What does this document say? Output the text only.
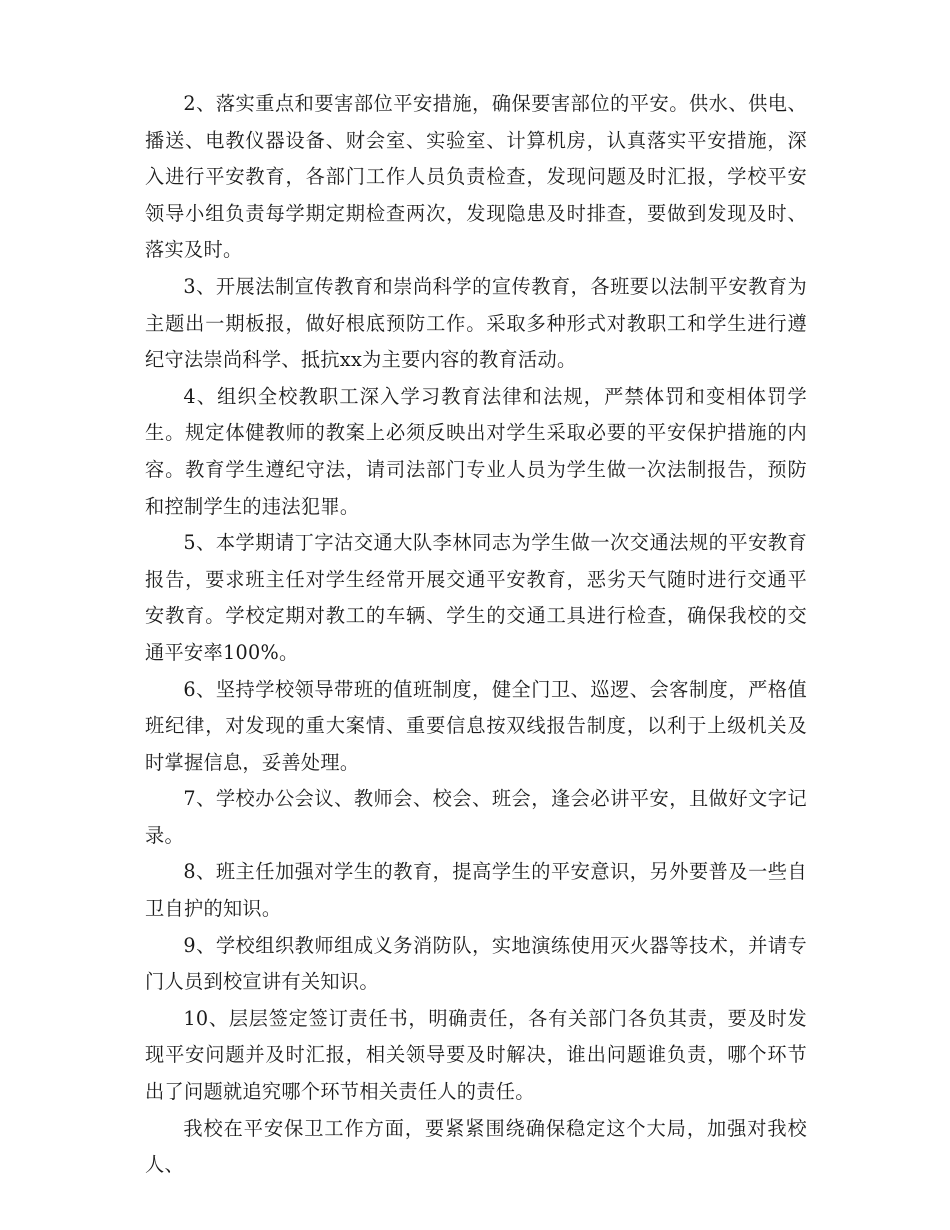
2、落实重点和要害部位平安措施，确保要害部位的平安。供水、供电、播送、电教仪器设备、财会室、实验室、计算机房，认真落实平安措施，深入进行平安教育，各部门工作人员负责检查，发现问题及时汇报，学校平安领导小组负责每学期定期检查两次，发现隐患及时排查，要做到发现及时、落实及时。

3、开展法制宣传教育和崇尚科学的宣传教育，各班要以法制平安教育为主题出一期板报，做好根底预防工作。采取多种形式对教职工和学生进行遵纪守法崇尚科学、抵抗xx为主要内容的教育活动。

4、组织全校教职工深入学习教育法律和法规，严禁体罚和变相体罚学生。规定体健教师的教案上必须反映出对学生采取必要的平安保护措施的内容。教育学生遵纪守法，请司法部门专业人员为学生做一次法制报告，预防和控制学生的违法犯罪。

5、本学期请丁字沽交通大队李林同志为学生做一次交通法规的平安教育报告，要求班主任对学生经常开展交通平安教育，恶劣天气随时进行交通平安教育。学校定期对教工的车辆、学生的交通工具进行检查，确保我校的交通平安率100%。

6、坚持学校领导带班的值班制度，健全门卫、巡逻、会客制度，严格值班纪律，对发现的重大案情、重要信息按双线报告制度，以利于上级机关及时掌握信息，妥善处理。

7、学校办公会议、教师会、校会、班会，逢会必讲平安，且做好文字记录。

8、班主任加强对学生的教育，提高学生的平安意识，另外要普及一些自卫自护的知识。

9、学校组织教师组成义务消防队，实地演练使用灭火器等技术，并请专门人员到校宣讲有关知识。

10、层层签定签订责任书，明确责任，各有关部门各负其责，要及时发现平安问题并及时汇报，相关领导要及时解决，谁出问题谁负责，哪个环节出了问题就追究哪个环节相关责任人的责任。

我校在平安保卫工作方面，要紧紧围绕确保稳定这个大局，加强对我校人、
